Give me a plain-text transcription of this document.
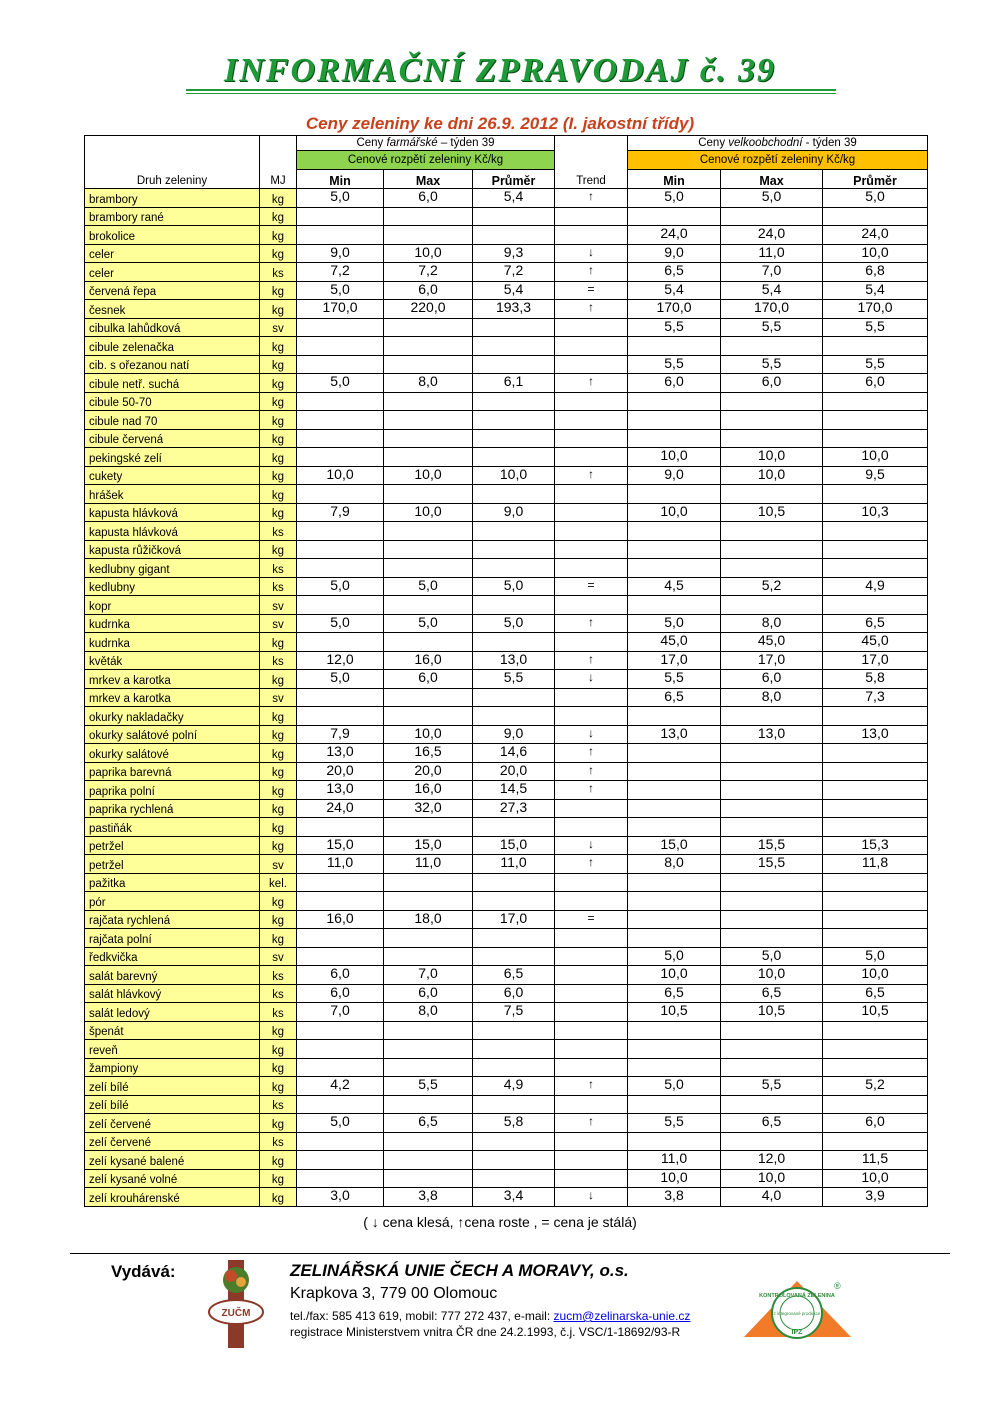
INFORMAČNÍ ZPRAVODAJ č. 39
Ceny zeleniny ke dni 26.9. 2012 (I. jakostní třídy)
		Ceny farmářské – týden 39				Ceny velkoobchodní - týden 39		
		Cenové rozpětí zeleniny Kč/kg				Cenové rozpětí zeleniny Kč/kg		
Druh zeleniny	MJ	Min	Max	Průměr	Trend	Min	Max	Průměr
brambory	kg	5,0	6,0	5,4	↑	5,0	5,0	5,0
brambory rané	kg							
brokolice	kg					24,0	24,0	24,0
celer	kg	9,0	10,0	9,3	↓	9,0	11,0	10,0
celer	ks	7,2	7,2	7,2	↑	6,5	7,0	6,8
červená řepa	kg	5,0	6,0	5,4	=	5,4	5,4	5,4
česnek	kg	170,0	220,0	193,3	↑	170,0	170,0	170,0
cibulka lahůdková	sv					5,5	5,5	5,5
cibule zelenačka	kg							
cib. s ořezanou natí	kg					5,5	5,5	5,5
cibule netř. suchá	kg	5,0	8,0	6,1	↑	6,0	6,0	6,0
cibule 50-70	kg							
cibule nad 70	kg							
cibule červená	kg							
pekingské zelí	kg					10,0	10,0	10,0
cukety	kg	10,0	10,0	10,0	↑	9,0	10,0	9,5
hrášek	kg							
kapusta hlávková	kg	7,9	10,0	9,0		10,0	10,5	10,3
kapusta hlávková	ks							
kapusta růžičková	kg							
kedlubny gigant	ks							
kedlubny	ks	5,0	5,0	5,0	=	4,5	5,2	4,9
kopr	sv							
kudrnka	sv	5,0	5,0	5,0	↑	5,0	8,0	6,5
kudrnka	kg					45,0	45,0	45,0
květák	ks	12,0	16,0	13,0	↑	17,0	17,0	17,0
mrkev a karotka	kg	5,0	6,0	5,5	↓	5,5	6,0	5,8
mrkev a karotka	sv					6,5	8,0	7,3
okurky nakladačky	kg							
okurky salátové polní	kg	7,9	10,0	9,0	↓	13,0	13,0	13,0
okurky salátové	kg	13,0	16,5	14,6	↑			
paprika barevná	kg	20,0	20,0	20,0	↑			
paprika polní	kg	13,0	16,0	14,5	↑			
paprika rychlená	kg	24,0	32,0	27,3				
pastiňák	kg							
petržel	kg	15,0	15,0	15,0	↓	15,0	15,5	15,3
petržel	sv	11,0	11,0	11,0	↑	8,0	15,5	11,8
pažitka	kel.							
pór	kg							
rajčata rychlená	kg	16,0	18,0	17,0	=			
rajčata polní	kg							
ředkvička	sv					5,0	5,0	5,0
salát barevný	ks	6,0	7,0	6,5		10,0	10,0	10,0
salát hlávkový	ks	6,0	6,0	6,0		6,5	6,5	6,5
salát ledový	ks	7,0	8,0	7,5		10,5	10,5	10,5
špenát	kg							
reveň	kg							
žampiony	kg							
zelí bílé	kg	4,2	5,5	4,9	↑	5,0	5,5	5,2
zelí bílé	ks							
zelí červené	kg	5,0	6,5	5,8	↑	5,5	6,5	6,0
zelí červené	ks							
zelí kysané balené	kg					11,0	12,0	11,5
zelí kysané volné	kg					10,0	10,0	10,0
zelí krouhárenské	kg	3,0	3,8	3,4	↓	3,8	4,0	3,9
( ↓ cena klesá, ↑cena roste , = cena je stálá)
Vydává:
ZUČM
ZELINÁŘSKÁ UNIE ČECH A MORAVY, o.s.
Krapkova 3, 779 00 Olomouc
tel./fax: 585 413 619, mobil: 777 272 437, e-mail: zucm@zelinarska-unie.cz
registrace Ministerstvem vnitra ČR dne 24.2.1993, č.j. VSC/1-18692/93-R
KONTROLOVANÁ ZELENINA
z integrované produkce
IPZ
®
